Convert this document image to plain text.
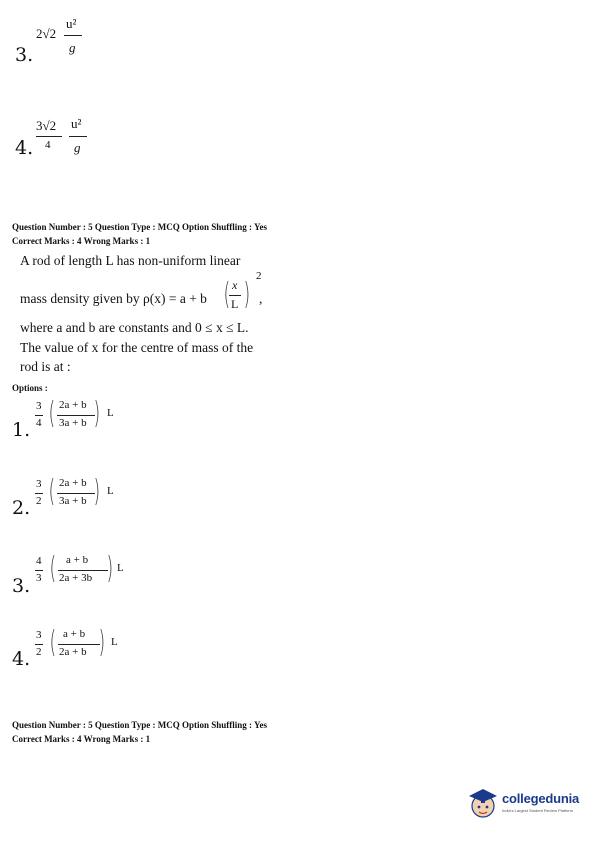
3.
2√2
u²
g
4.
3√2
4
u²
g
Question Number : 5 Question Type : MCQ Option Shuffling : Yes
Correct Marks : 4 Wrong Marks : 1
A rod of length L has non-uniform linear
mass density given by ρ(x) = a + b ( x
L )
2
,
where a and b are constants and 0 ≤ x ≤ L.
The value of x for the centre of mass of the
rod is at :
Options :
1.
3
4 ( 2a + b
3a + b ) L
2.
3
2 ( 2a + b
3a + b ) L
3.
4
3 ( a + b
2a + 3b ) L
4.
3
2 ( a + b
2a + b ) L
Question Number : 5 Question Type : MCQ Option Shuffling : Yes
Correct Marks : 4 Wrong Marks : 1
collegedunia
India's Largest Student Review Platform
